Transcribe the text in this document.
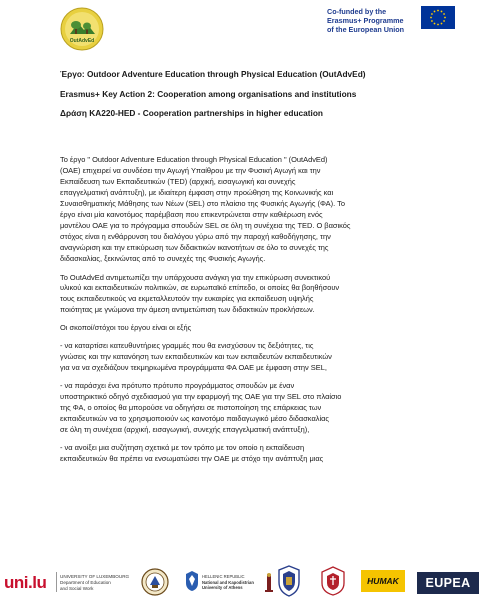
OutAdvEd
Co-funded by the
Erasmus+ Programme
of the European Union
Έργο: Outdoor Adventure Education through Physical Education (OutAdvEd)
Erasmus+ Key Action 2: Cooperation among organisations and institutions
Δράση KA220-HED - Cooperation partnerships in higher education
Το έργο " Outdoor Adventure Education through Physical Education " (OutAdvEd)
(ΟΑΕ) επιχειρεί να συνδέσει την Αγωγή Υπαίθρου με την Φυσική Αγωγή και την
Εκπαίδευση των Εκπαιδευτικών (TED) (αρχική, εισαγωγική και συνεχής
επαγγελματική ανάπτυξη), με ιδιαίτερη έμφαση στην προώθηση της Κοινωνικής και
Συναισθηματικής Μάθησης των Νέων (SEL) στο πλαίσιο της Φυσικής Αγωγής (ΦΑ). Το
έργο είναι μία καινοτόμος παρέμβαση που επικεντρώνεται στην καθιέρωση ενός
μοντέλου ΟΑΕ για το πρόγραμμα σπουδών SEL σε όλη τη συνέχεια της TED. Ο βασικός
στόχος είναι η ενθάρρυνση του διαλόγου γύρω από την παροχή καθοδήγησης, την
αναγνώριση και την επικύρωση των διδακτικών ικανοτήτων σε όλο το συνεχές της
διδασκαλίας, ξεκινώντας από το συνεχές της Φυσικής Αγωγής.
Το OutAdvEd αντιμετωπίζει την υπάρχουσα ανάγκη για την επικύρωση συνεκτικού
υλικού και εκπαιδευτικών πολιτικών, σε ευρωπαϊκό επίπεδο, οι οποίες θα βοηθήσουν
τους εκπαιδευτικούς να εκμεταλλευτούν την ευκαιρίες για εκπαίδευση υψηλής
ποιότητας με γνώμονα την άμεση αντιμετώπιση των διδακτικών προκλήσεων.
Οι σκοποί/στόχοι του έργου είναι οι εξής
- να καταρτίσει κατευθυντήριες γραμμές που θα ενισχύσουν τις δεξιότητες, τις
γνώσεις και την κατανόηση των εκπαιδευτικών και των εκπαιδευτών εκπαιδευτικών
για να να σχεδιάζουν τεκμηριωμένα προγράμματα ΦΑ ΟΑΕ με έμφαση στην SEL,
- να παράσχει ένα πρότυπο πρότυπο προγράμματος σπουδών με έναν
υποστηρικτικό οδηγό σχεδιασμού για την εφαρμογή της ΟΑΕ για την SEL στο πλαίσιο
της ΦΑ, ο οποίος θα μπορούσε να οδηγήσει σε πιστοποίηση της επάρκειας των
εκπαιδευτικών να το χρησιμοποιούν ως καινοτόμο παιδαγωγικό μέσο διδασκαλίας
σε όλη τη συνέχεια (αρχική, εισαγωγική, συνεχής επαγγελματική ανάπτυξη),
- να ανοίξει μια συζήτηση σχετικά με τον τρόπο με τον οποίο η εκπαίδευση
εκπαιδευτικών θα πρέπει να ενσωματώσει την ΟΑΕ με στόχο την ανάπτυξη μιας
uni.lu	UNIVERSITY OF LUXEMBOURG
Department of Education
and Social Work
HELLENIC REPUBLIC
National and Kapodistrian
University of Athens
HUMAK EUPEA
